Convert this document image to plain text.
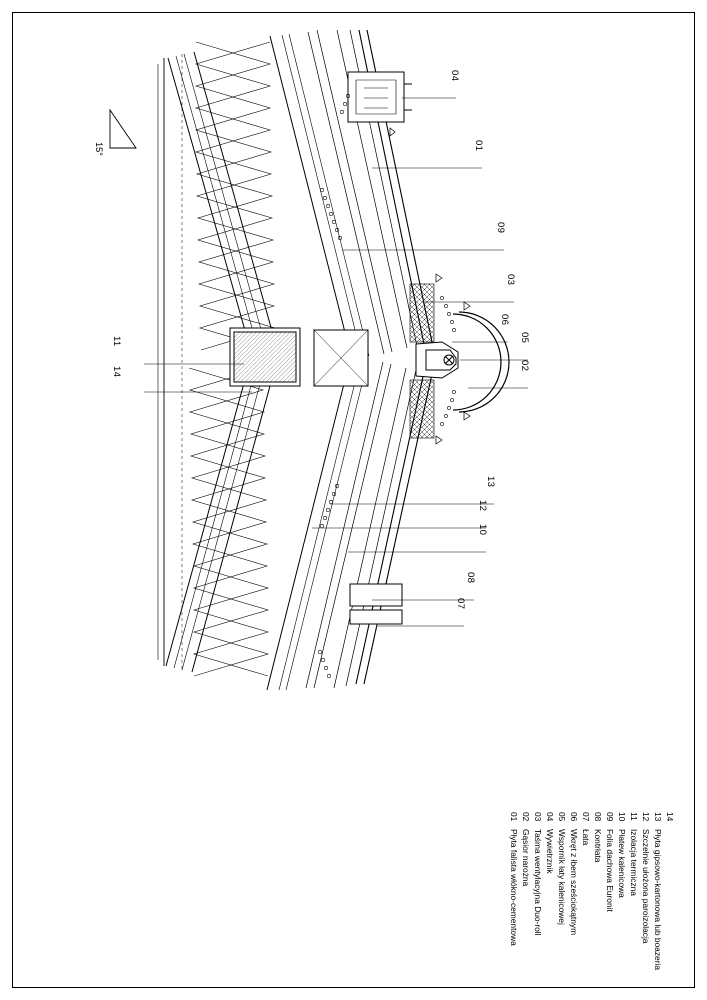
15°
04
01
09
03
06
05
02
11
14
13
12
10
08
07
01
Płyta falista włókno-cementowa
02
Gąsior narożna
03
Taśma wentylacyjna Duo-roll
04
Wywietrznik
05
Wspornik łaty kalenicowej
06
Wkręt z łbem sześciokątnym
07
Łata
08
Kontrłata
09
Folia dachowa Euronit
10
Płatew kalenicowa
11
Izolacja termiczna
12
Szczelnie ułożona paroizolacja
13
Płyta gipsowo-kartonowa lub boazeria
14
